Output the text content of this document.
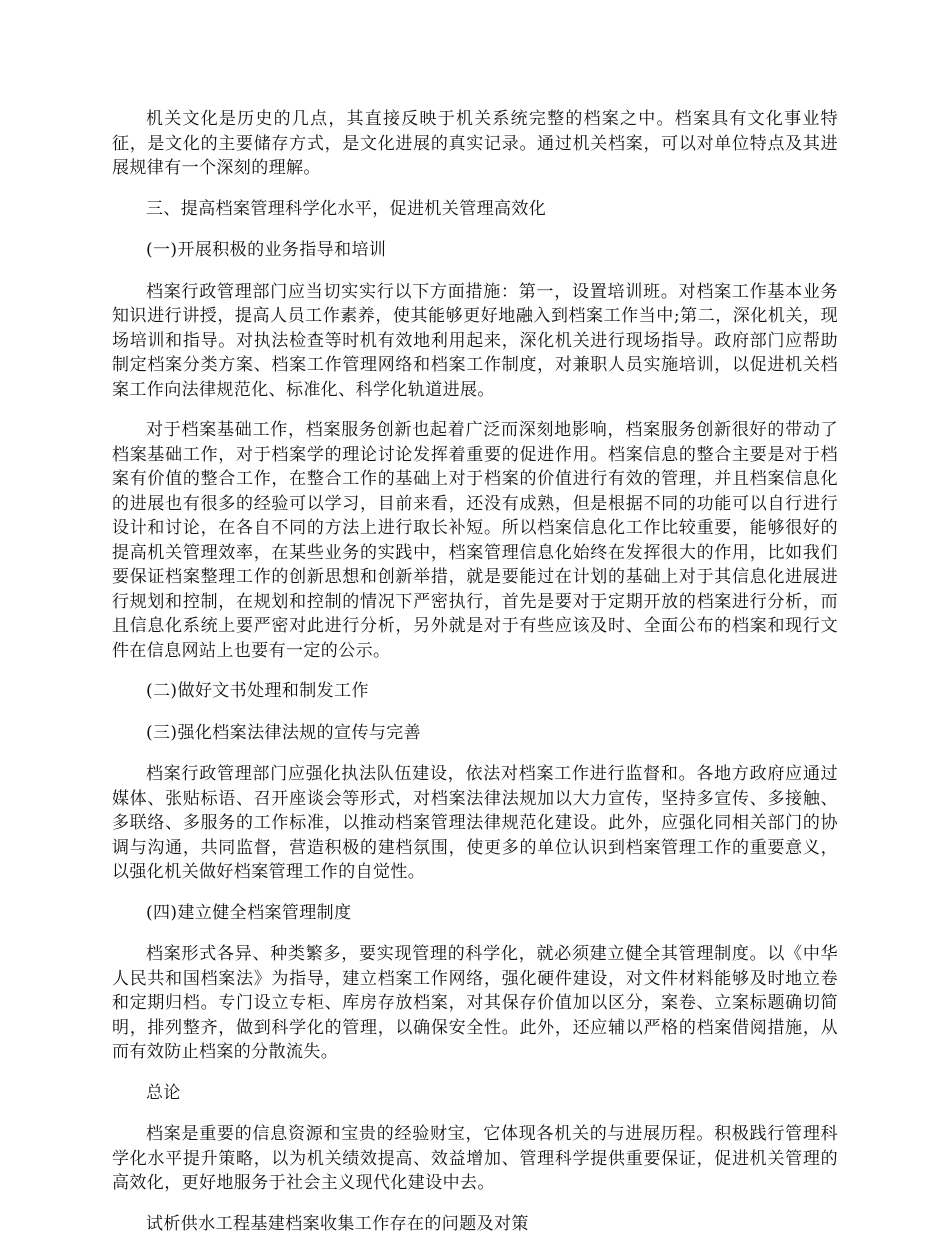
机关文化是历史的几点，其直接反映于机关系统完整的档案之中。档案具有文化事业特征，是文化的主要储存方式，是文化进展的真实记录。通过机关档案，可以对单位特点及其进展规律有一个深刻的理解。

三、提高档案管理科学化水平，促进机关管理高效化

(一)开展积极的业务指导和培训

档案行政管理部门应当切实实行以下方面措施：第一，设置培训班。对档案工作基本业务知识进行讲授，提高人员工作素养，使其能够更好地融入到档案工作当中;第二，深化机关，现场培训和指导。对执法检查等时机有效地利用起来，深化机关进行现场指导。政府部门应帮助制定档案分类方案、档案工作管理网络和档案工作制度，对兼职人员实施培训，以促进机关档案工作向法律规范化、标准化、科学化轨道进展。

对于档案基础工作，档案服务创新也起着广泛而深刻地影响，档案服务创新很好的带动了档案基础工作，对于档案学的理论讨论发挥着重要的促进作用。档案信息的整合主要是对于档案有价值的整合工作，在整合工作的基础上对于档案的价值进行有效的管理，并且档案信息化的进展也有很多的经验可以学习，目前来看，还没有成熟，但是根据不同的功能可以自行进行设计和讨论，在各自不同的方法上进行取长补短。所以档案信息化工作比较重要，能够很好的提高机关管理效率，在某些业务的实践中，档案管理信息化始终在发挥很大的作用，比如我们要保证档案整理工作的创新思想和创新举措，就是要能过在计划的基础上对于其信息化进展进行规划和控制，在规划和控制的情况下严密执行，首先是要对于定期开放的档案进行分析，而且信息化系统上要严密对此进行分析，另外就是对于有些应该及时、全面公布的档案和现行文件在信息网站上也要有一定的公示。

(二)做好文书处理和制发工作

(三)强化档案法律法规的宣传与完善

档案行政管理部门应强化执法队伍建设，依法对档案工作进行监督和。各地方政府应通过媒体、张贴标语、召开座谈会等形式，对档案法律法规加以大力宣传，坚持多宣传、多接触、多联络、多服务的工作标准，以推动档案管理法律规范化建设。此外，应强化同相关部门的协调与沟通，共同监督，营造积极的建档氛围，使更多的单位认识到档案管理工作的重要意义，以强化机关做好档案管理工作的自觉性。

(四)建立健全档案管理制度

档案形式各异、种类繁多，要实现管理的科学化，就必须建立健全其管理制度。以《中华人民共和国档案法》为指导，建立档案工作网络，强化硬件建设，对文件材料能够及时地立卷和定期归档。专门设立专柜、库房存放档案，对其保存价值加以区分，案卷、立案标题确切简明，排列整齐，做到科学化的管理，以确保安全性。此外，还应辅以严格的档案借阅措施，从而有效防止档案的分散流失。

总论

档案是重要的信息资源和宝贵的经验财宝，它体现各机关的与进展历程。积极践行管理科学化水平提升策略，以为机关绩效提高、效益增加、管理科学提供重要保证，促进机关管理的高效化，更好地服务于社会主义现代化建设中去。

试析供水工程基建档案收集工作存在的问题及对策
